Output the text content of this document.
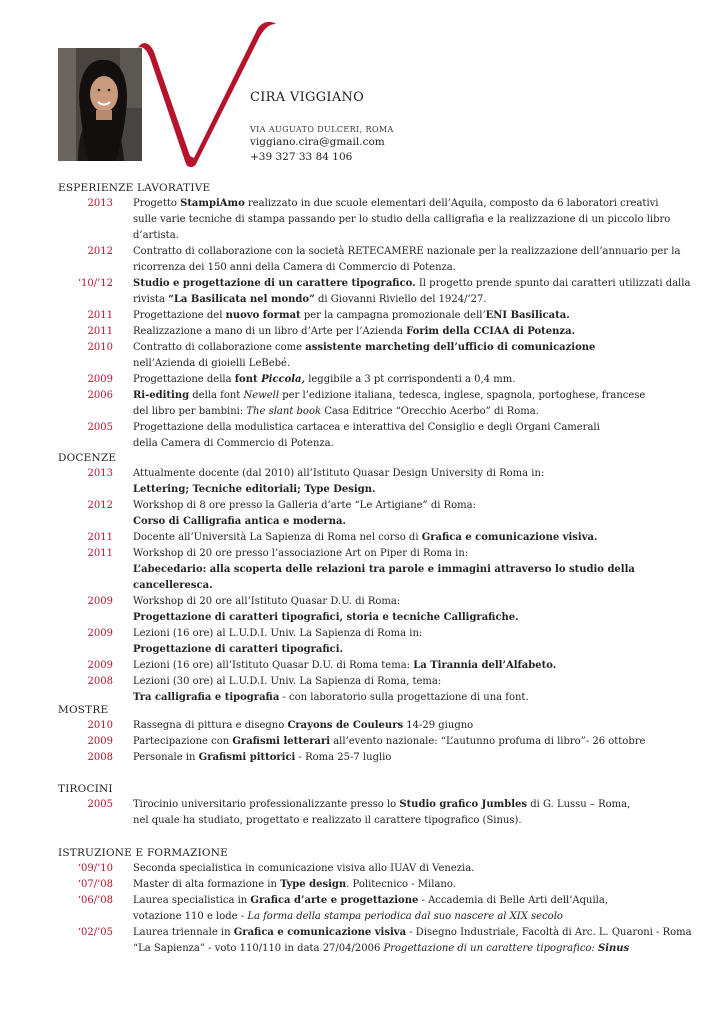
CIRA VIGGIANO
VIA AUGUATO DULCERI, ROMA
viggiano.cira@gmail.com
+39 327 33 84 106
ESPERIENZE LAVORATIVE
2013 Progetto StampiAmo realizzato in due scuole elementari dell’Aquila, composto da 6 laboratori creativi
sulle varie tecniche di stampa passando per lo studio della calligrafia e la realizzazione di un piccolo libro d’artista.
2012 Contratto di collaborazione con la società RETECAMERE nazionale per la realizzazione dell’annuario per la
ricorrenza dei 150 anni della Camera di Commercio di Potenza.
‘10/’12 Studio e progettazione di un carattere tipografico. Il progetto prende spunto dai caratteri utilizzati dalla
rivista “La Basilicata nel mondo” di Giovanni Riviello del 1924/’27.
2011 Progettazione del nuovo format per la campagna promozionale dell’ENI Basilicata.
2011 Realizzazione a mano di un libro d’Arte per l’Azienda Forim della CCIAA di Potenza.
2010 Contratto di collaborazione come assistente marcheting dell’ufficio di comunicazione
nell’Azienda di gioielli LeBebé.
2009 Progettazione della font Piccola, leggibile a 3 pt corrispondenti a 0,4 mm.
2006 Ri-editing della font Newell per l’edizione italiana, tedesca, inglese, spagnola, portoghese, francese
del libro per bambini: The slant book Casa Editrice “Orecchio Acerbo” di Roma.
2005 Progettazione della modulistica cartacea e interattiva del Consiglio e degli Organi Camerali
della Camera di Commercio di Potenza.
DOCENZE
2013 Attualmente docente (dal 2010) all’Istituto Quasar Design University di Roma in:
Lettering; Tecniche editoriali; Type Design.
2012 Workshop di 8 ore presso la Galleria d’arte “Le Artigiane” di Roma:
Corso di Calligrafia antica e moderna.
2011 Docente all’Università La Sapienza di Roma nel corso di Grafica e comunicazione visiva.
2011 Workshop di 20 ore presso l’associazione Art on Piper di Roma in:
L’abecedario: alla scoperta delle relazioni tra parole e immagini attraverso lo studio della cancelleresca.
2009 Workshop di 20 ore all’Istituto Quasar D.U. di Roma:
Progettazione di caratteri tipografici, storia e tecniche Calligrafiche.
2009 Lezioni (16 ore) al L.U.D.I. Univ. La Sapienza di Roma in:
Progettazione di caratteri tipografici.
2009 Lezioni (16 ore) all’Istituto Quasar D.U. di Roma tema: La Tirannia dell’Alfabeto.
2008 Lezioni (30 ore) al L.U.D.I. Univ. La Sapienza di Roma, tema:
Tra calligrafia e tipografia - con laboratorio sulla progettazione di una font.
MOSTRE
2010 Rassegna di pittura e disegno Crayons de Couleurs 14-29 giugno
2009 Partecipazione con Grafismi letterari all’evento nazionale: “L’autunno profuma di libro”- 26 ottobre
2008 Personale in Grafismi pittorici - Roma 25-7 luglio
TIROCINI
2005 Tirocinio universitario professionalizzante presso lo Studio grafico Jumbles di G. Lussu – Roma,
nel quale ha studiato, progettato e realizzato il carattere tipografico (Sinus).
ISTRUZIONE E FORMAZIONE
‘09/’10 Seconda specialistica in comunicazione visiva allo IUAV di Venezia.
‘07/’08 Master di alta formazione in Type design. Politecnico - Milano.
‘06/’08 Laurea specialistica in Grafica d’arte e progettazione - Accademia di Belle Arti dell’Aquila,
votazione 110 e lode - La forma della stampa periodica dal suo nascere al XIX secolo
‘02/’05 Laurea triennale in Grafica e comunicazione visiva - Disegno Industriale, Facoltà di Arc. L. Quaroni - Roma
“La Sapienza” - voto 110/110 in data 27/04/2006 Progettazione di un carattere tipografico: Sinus
